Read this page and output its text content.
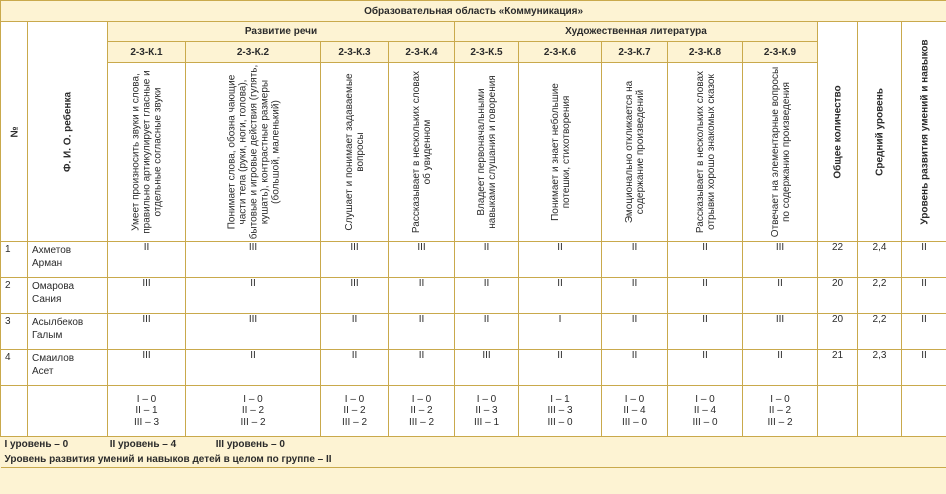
Образовательная область «Коммуникация»													

№	Ф. И. О. ребенка	Развитие речи				Художественная литература					Общее количество	Средний уровень	Уровень развития умений и навыков

		2-3-К.1	2-3-К.2	2-3-К.3	2-3-К.4	2-3-К.5	2-3-К.6	2-3-К.7	2-3-К.8	2-3-К.9			

		Умеет произносить звуки и слова, правильно артикулирует гласные и отдельные согласные звуки	Понимает слова, обозна чающие части тела (руки, ноги, голова), бытовые и игровые действия (гулять, кушать), контрастные размеры (большой, маленький)	Слушает и понимает задаваемые вопросы	Рассказывает в нескольких словах об увиденном	Владеет первоначальными навыками слушания и говорения	Понимает и знает небольшие потешки, стихотворения	Эмоционально откликается на содержание произведений	Рассказывает в нескольких словах отрывки хорошо знакомых сказок	Отвечает на элементарные вопросы по содержанию произведения			

1	Ахметов
Арман	II	III	III	III	II	II	II	II	III	22	2,4	II
2	Омарова
Сания	III	II	III	II	II	II	II	II	II	20	2,2	II
3	Асылбеков
Галым	III	III	II	II	II	I	II	II	III	20	2,2	II
4	Смаилов
Асет	III	II	II	II	III	II	II	II	II	21	2,3	II
		I – 0
II – 1
III – 3	I – 0
II – 2
III – 2	I – 0
II – 2
III – 2	I – 0
II – 2
III – 2	I – 0
II – 3
III – 1	I – 1
III – 3
III – 0	I – 0
II – 4
III – 0	I – 0
II – 4
III – 0	I – 0
II – 2
III – 2			
I уровень – 0 II уровень – 4 III уровень – 0													
Уровень развития умений и навыков детей в целом по группе – II													
